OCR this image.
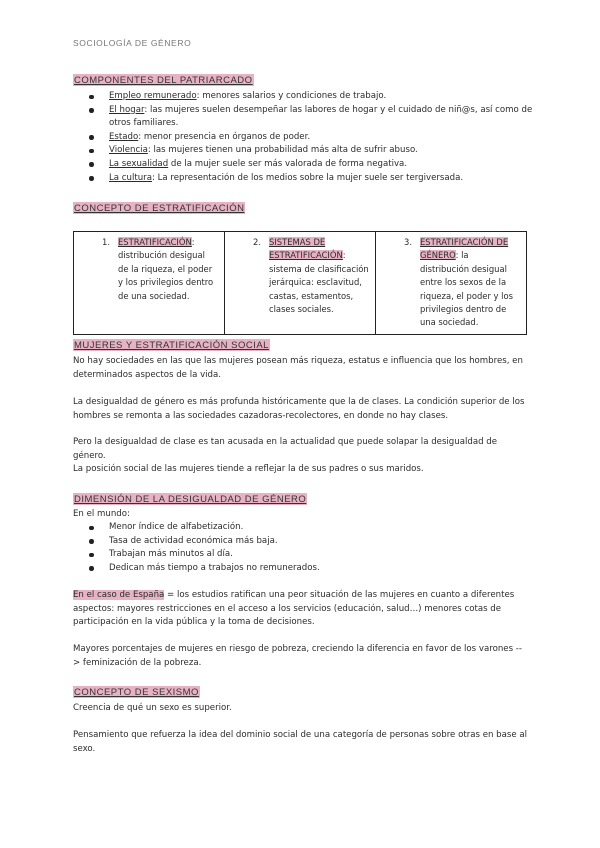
SOCIOLOGÍA DE GÉNERO
COMPONENTES DEL PATRIARCADO
Empleo remunerado: menores salarios y condiciones de trabajo.
El hogar: las mujeres suelen desempeñar las labores de hogar y el cuidado de niñ@s, así como de otros familiares.
Estado: menor presencia en órganos de poder.
Violencia: las mujeres tienen una probabilidad más alta de sufrir abuso.
La sexualidad de la mujer suele ser más valorada de forma negativa.
La cultura: La representación de los medios sobre la mujer suele ser tergiversada.
CONCEPTO DE ESTRATIFICACIÓN
1. ESTRATIFICACIÓN:
distribución desigual de la riqueza, el poder y los privilegios dentro de una sociedad.

2. SISTEMAS DE ESTRATIFICACIÓN:
sistema de clasificación jerárquica: esclavitud, castas, estamentos, clases sociales.

3. ESTRATIFICACIÓN DE GÉNERO: la distribución desigual entre los sexos de la riqueza, el poder y los privilegios dentro de una sociedad.
MUJERES Y ESTRATIFICACIÓN SOCIAL
No hay sociedades en las que las mujeres posean más riqueza, estatus e influencia que los hombres, en determinados aspectos de la vida.
La desigualdad de género es más profunda históricamente que la de clases. La condición superior de los hombres se remonta a las sociedades cazadoras-recolectores, en donde no hay clases.
Pero la desigualdad de clase es tan acusada en la actualidad que puede solapar la desigualdad de género.
La posición social de las mujeres tiende a reflejar la de sus padres o sus maridos.
DIMENSIÓN DE LA DESIGUALDAD DE GÉNERO
En el mundo:
Menor índice de alfabetización.
Tasa de actividad económica más baja.
Trabajan más minutos al día.
Dedican más tiempo a trabajos no remunerados.
En el caso de España = los estudios ratifican una peor situación de las mujeres en cuanto a diferentes aspectos: mayores restricciones en el acceso a los servicios (educación, salud…) menores cotas de participación en la vida pública y la toma de decisiones.
Mayores porcentajes de mujeres en riesgo de pobreza, creciendo la diferencia en favor de los varones --> feminización de la pobreza.
CONCEPTO DE SEXISMO
Creencia de qué un sexo es superior.
Pensamiento que refuerza la idea del dominio social de una categoría de personas sobre otras en base al sexo.
